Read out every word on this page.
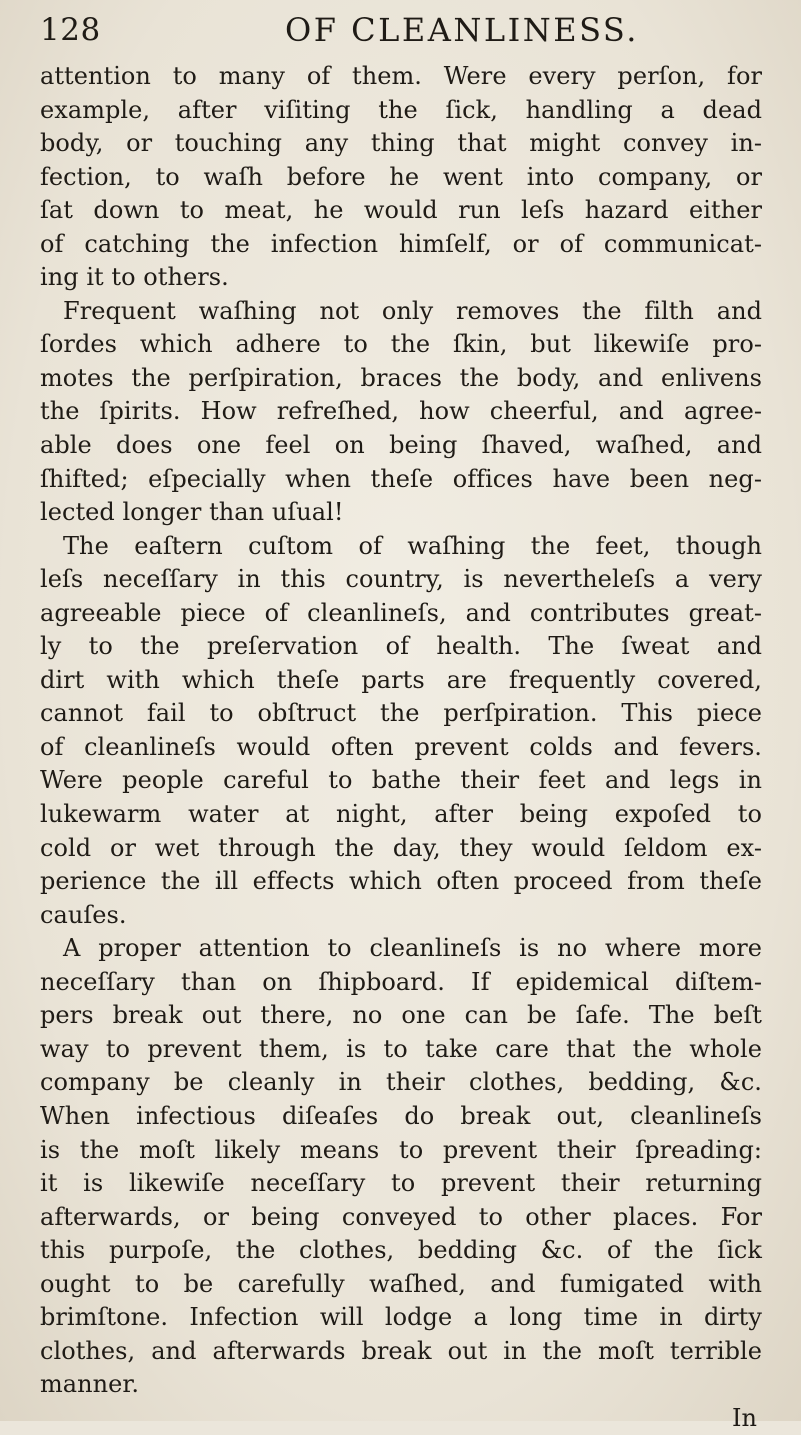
128	OF CLEANLINESS.
attention to many of them. Were every perſon, for
example, after viſiting the ſick, handling a dead
body, or touching any thing that might convey in-
fection, to waſh before he went into company, or
ſat down to meat, he would run leſs hazard either
of catching the infection himſelf, or of communicat-
ing it to others.
Frequent waſhing not only removes the filth and
ſordes which adhere to the ſkin, but likewiſe pro-
motes the perſpiration, braces the body, and enlivens
the ſpirits. How refreſhed, how cheerful, and agree-
able does one feel on being ſhaved, waſhed, and
ſhifted; eſpecially when theſe offices have been neg-
lected longer than uſual!
The eaſtern cuſtom of waſhing the feet, though
leſs neceſſary in this country, is nevertheleſs a very
agreeable piece of cleanlineſs, and contributes great-
ly to the preſervation of health. The ſweat and
dirt with which theſe parts are frequently covered,
cannot fail to obſtruct the perſpiration. This piece
of cleanlineſs would often prevent colds and fevers.
Were people careful to bathe their feet and legs in
lukewarm water at night, after being expoſed to
cold or wet through the day, they would ſeldom ex-
perience the ill effects which often proceed from theſe
cauſes.
A proper attention to cleanlineſs is no where more
neceſſary than on ſhipboard. If epidemical diſtem-
pers break out there, no one can be ſafe. The beſt
way to prevent them, is to take care that the whole
company be cleanly in their clothes, bedding, &c.
When infectious diſeaſes do break out, cleanlineſs
is the moſt likely means to prevent their ſpreading:
it is likewiſe neceſſary to prevent their returning
afterwards, or being conveyed to other places. For
this purpoſe, the clothes, bedding &c. of the ſick
ought to be carefully waſhed, and fumigated with
brimſtone. Infection will lodge a long time in dirty
clothes, and afterwards break out in the moſt terrible
manner.
In
